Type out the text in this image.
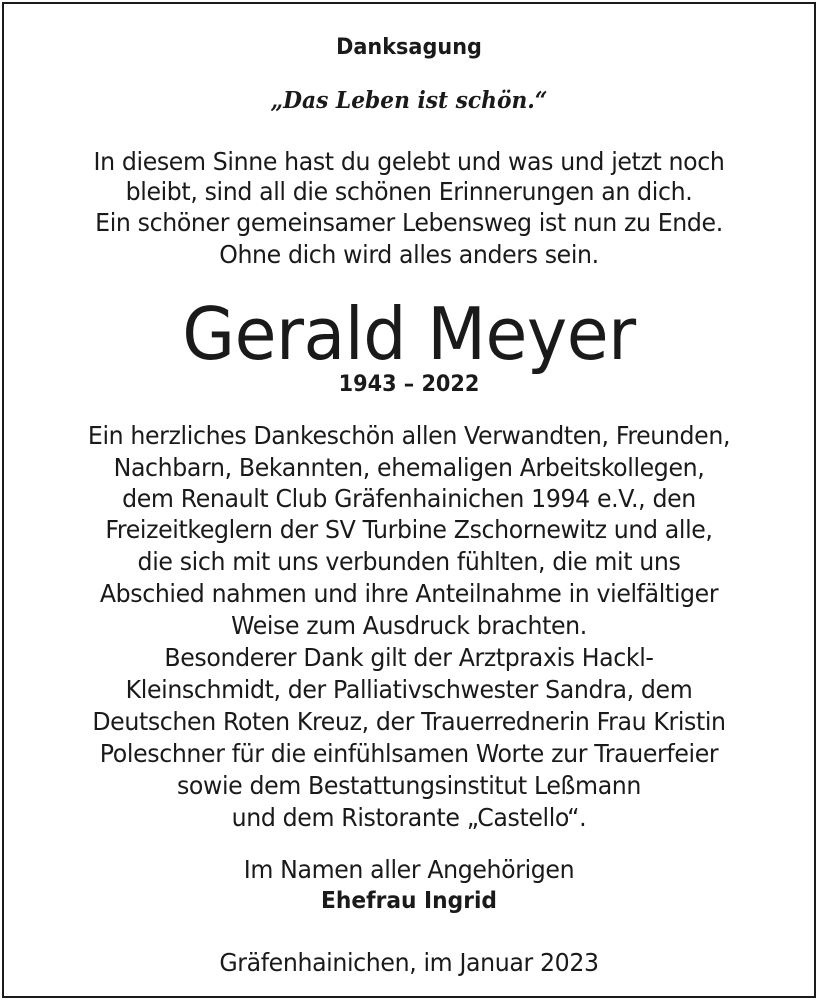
Danksagung
„Das Leben ist schön.“
In diesem Sinne hast du gelebt und was und jetzt noch
bleibt, sind all die schönen Erinnerungen an dich.
Ein schöner gemeinsamer Lebensweg ist nun zu Ende.
Ohne dich wird alles anders sein.
Gerald Meyer
1943 – 2022
Ein herzliches Dankeschön allen Verwandten, Freunden,
Nachbarn, Bekannten, ehemaligen Arbeitskollegen,
dem Renault Club Gräfenhainichen 1994 e.V., den
Freizeitkeglern der SV Turbine Zschornewitz und alle,
die sich mit uns verbunden fühlten, die mit uns
Abschied nahmen und ihre Anteilnahme in vielfältiger
Weise zum Ausdruck brachten.
Besonderer Dank gilt der Arztpraxis Hackl-
Kleinschmidt, der Palliativschwester Sandra, dem
Deutschen Roten Kreuz, der Trauerrednerin Frau Kristin
Poleschner für die einfühlsamen Worte zur Trauerfeier
sowie dem Bestattungsinstitut Leßmann
und dem Ristorante „Castello“.
Im Namen aller Angehörigen
Ehefrau Ingrid
Gräfenhainichen, im Januar 2023
